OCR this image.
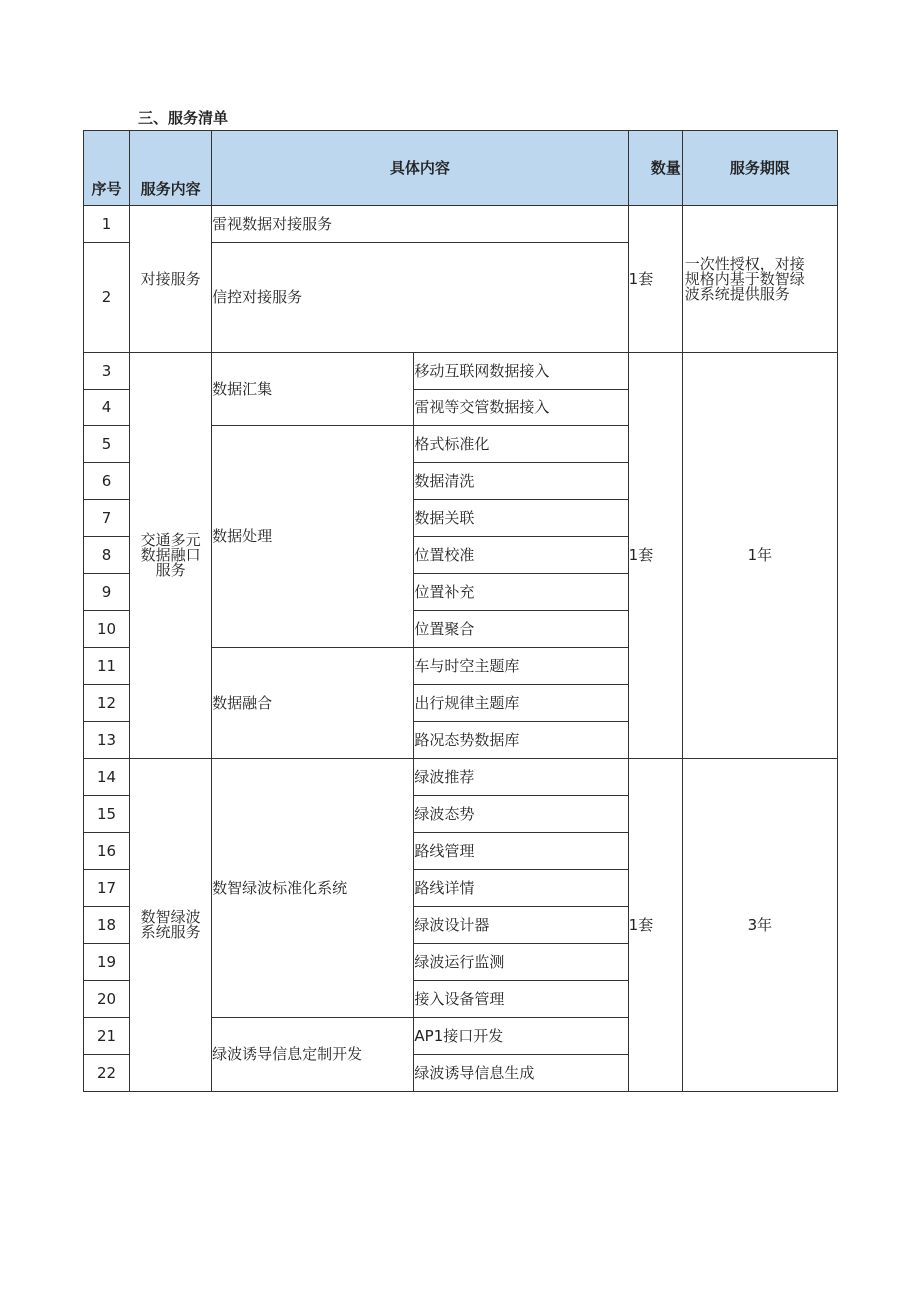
三、服务清单
序号	服务内容	具体内容		数量	服务期限
1	对接服务	雷视数据对接服务		1套	一次性授权，对接
规格内基于数智绿
波系统提供服务

2		信控对接服务			
3	交通多元
数据融口
服务	数据汇集	移动互联网数据接入	1套	1年
4			雷视等交管数据接入		
5		数据处理	格式标准化		
6			数据清洗		
7			数据关联		
8			位置校准		
9			位置补充		
10			位置聚合		
11		数据融合	车与时空主题库		
12			出行规律主题库		
13			路况态势数据库		
14	数智绿波
系统服务	数智绿波标准化系统	绿波推荐	1套	3年
15			绿波态势		
16			路线管理		
17			路线详情		
18			绿波设计器		
19			绿波运行监测		
20			接入设备管理		
21		绿波诱导信息定制开发	AP1接口开发		
22			绿波诱导信息生成		
